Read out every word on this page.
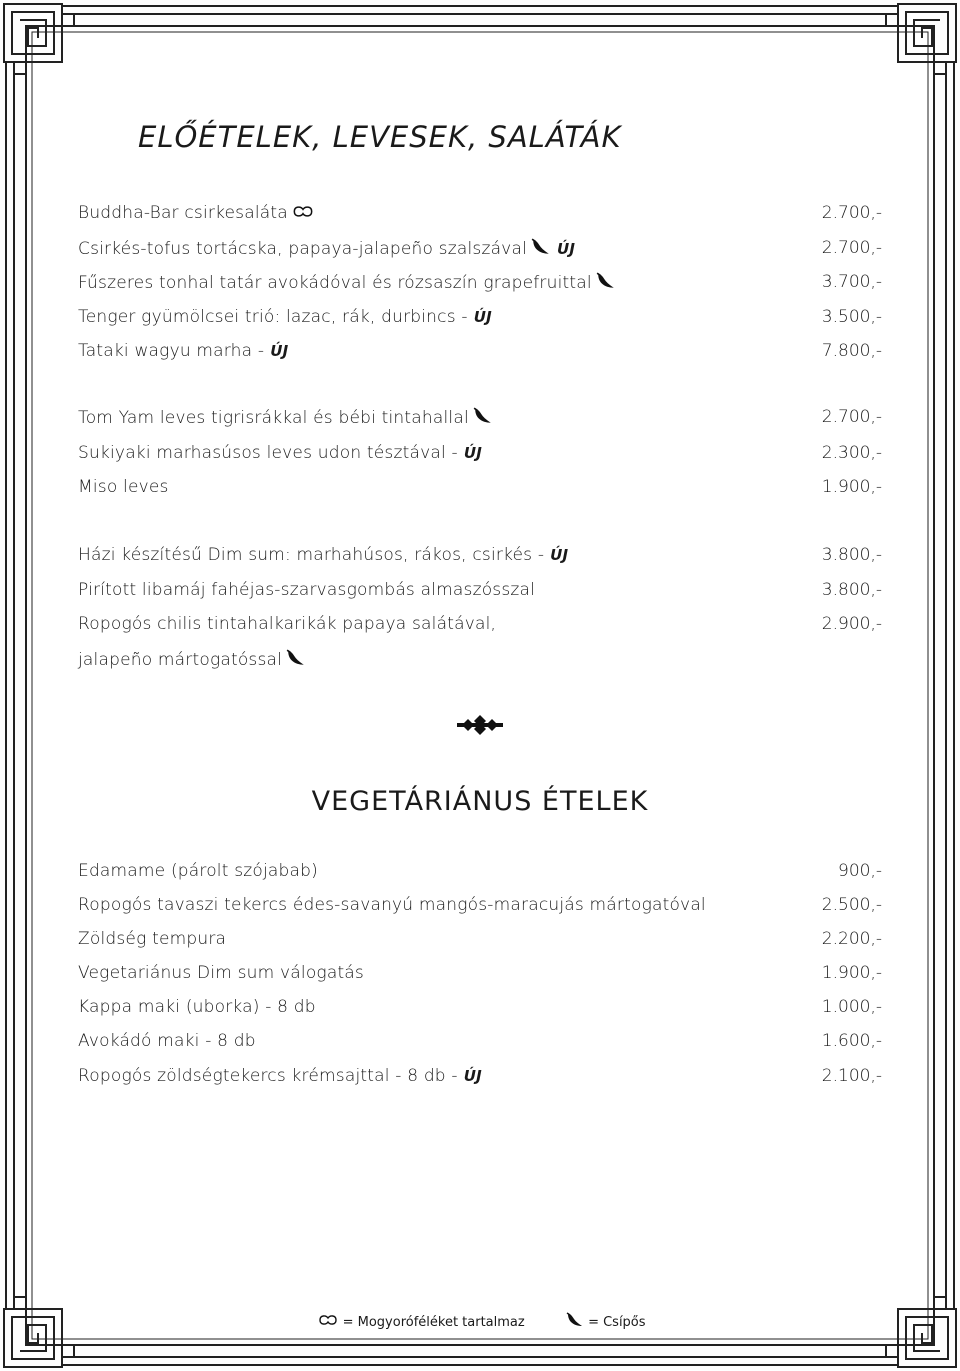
ELŐÉTELEK, LEVESEK, SALÁTÁK
Buddha-Bar csirkesaláta	2.700,-
Csirkés-tofus tortácska, papaya-jalapeño szalszával ÚJ	2.700,-
Fűszeres tonhal tatár avokádóval és rózsaszín grapefruittal	3.700,-
Tenger gyümölcsei trió: lazac, rák, durbincs - ÚJ	3.500,-
Tataki wagyu marha - ÚJ	7.800,-
Tom Yam leves tigrisrákkal és bébi tintahallal	2.700,-
Sukiyaki marhasúsos leves udon tésztával - ÚJ	2.300,-
Miso leves	1.900,-
Házi készítésű Dim sum: marhahúsos, rákos, csirkés - ÚJ	3.800,-
Pirított libamáj fahéjas-szarvasgombás almaszósszal	3.800,-
Ropogós chilis tintahalkarikák papaya salátával,	2.900,-
jalapeño mártogatóssal
VEGETÁRIÁNUS ÉTELEK
Edamame (párolt szójabab)	900,-
Ropogós tavaszi tekercs édes-savanyú mangós-maracujás mártogatóval	2.500,-
Zöldség tempura	2.200,-
Vegetariánus Dim sum válogatás	1.900,-
Kappa maki (uborka) - 8 db	1.000,-
Avokádó maki - 8 db	1.600,-
Ropogós zöldségtekercs krémsajttal - 8 db - ÚJ	2.100,-
= Mogyoróféléket tartalmaz	= Csípős
